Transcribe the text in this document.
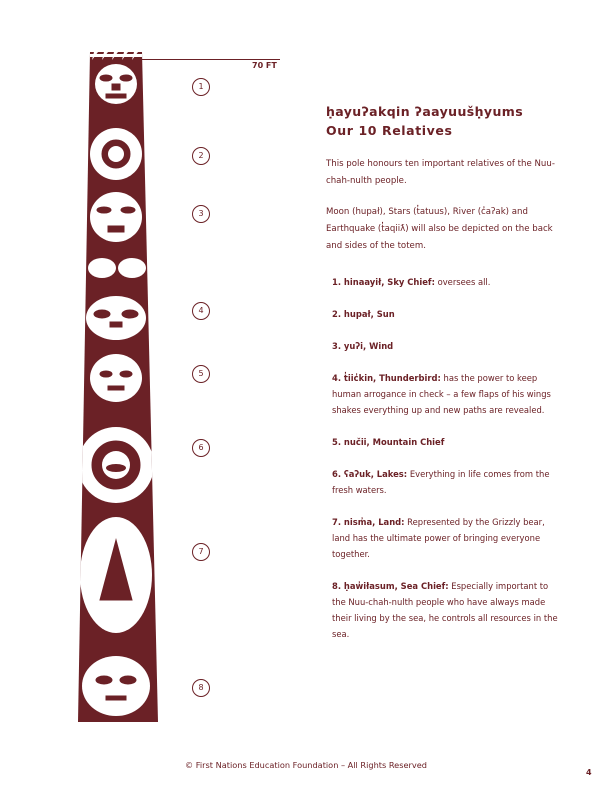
70 FT
1
2
3
4
5
6
7
8
ḥayuʔakqin ʔaayuušḥyums
Our 10 Relatives
This pole honours ten important relatives of the Nuu-chah-nulth people.
Moon (hupał), Stars (t̓atuus), River (c̓aʔak) and Earthquake (t̓aqiiƛ) will also be depicted on the back and sides of the totem.
1. hinaayił, Sky Chief: oversees all.
2. hupał, Sun
3. yuʔi, Wind
4. t̓iic̓kin, Thunderbird: has the power to keep human arrogance in check – a few flaps of his wings shakes everything up and new paths are revealed.
5. nučii, Mountain Chief
6. ʕaʔuk, Lakes: Everything in life comes from the fresh waters.
7. nism̓a, Land: Represented by the Grizzly bear, land has the ultimate power of bringing everyone together.
8. ḥaw̓iłasum, Sea Chief: Especially important to the Nuu-chah-nulth people who have always made their living by the sea, he controls all resources in the sea.
© First Nations Education Foundation – All Rights Reserved
4
